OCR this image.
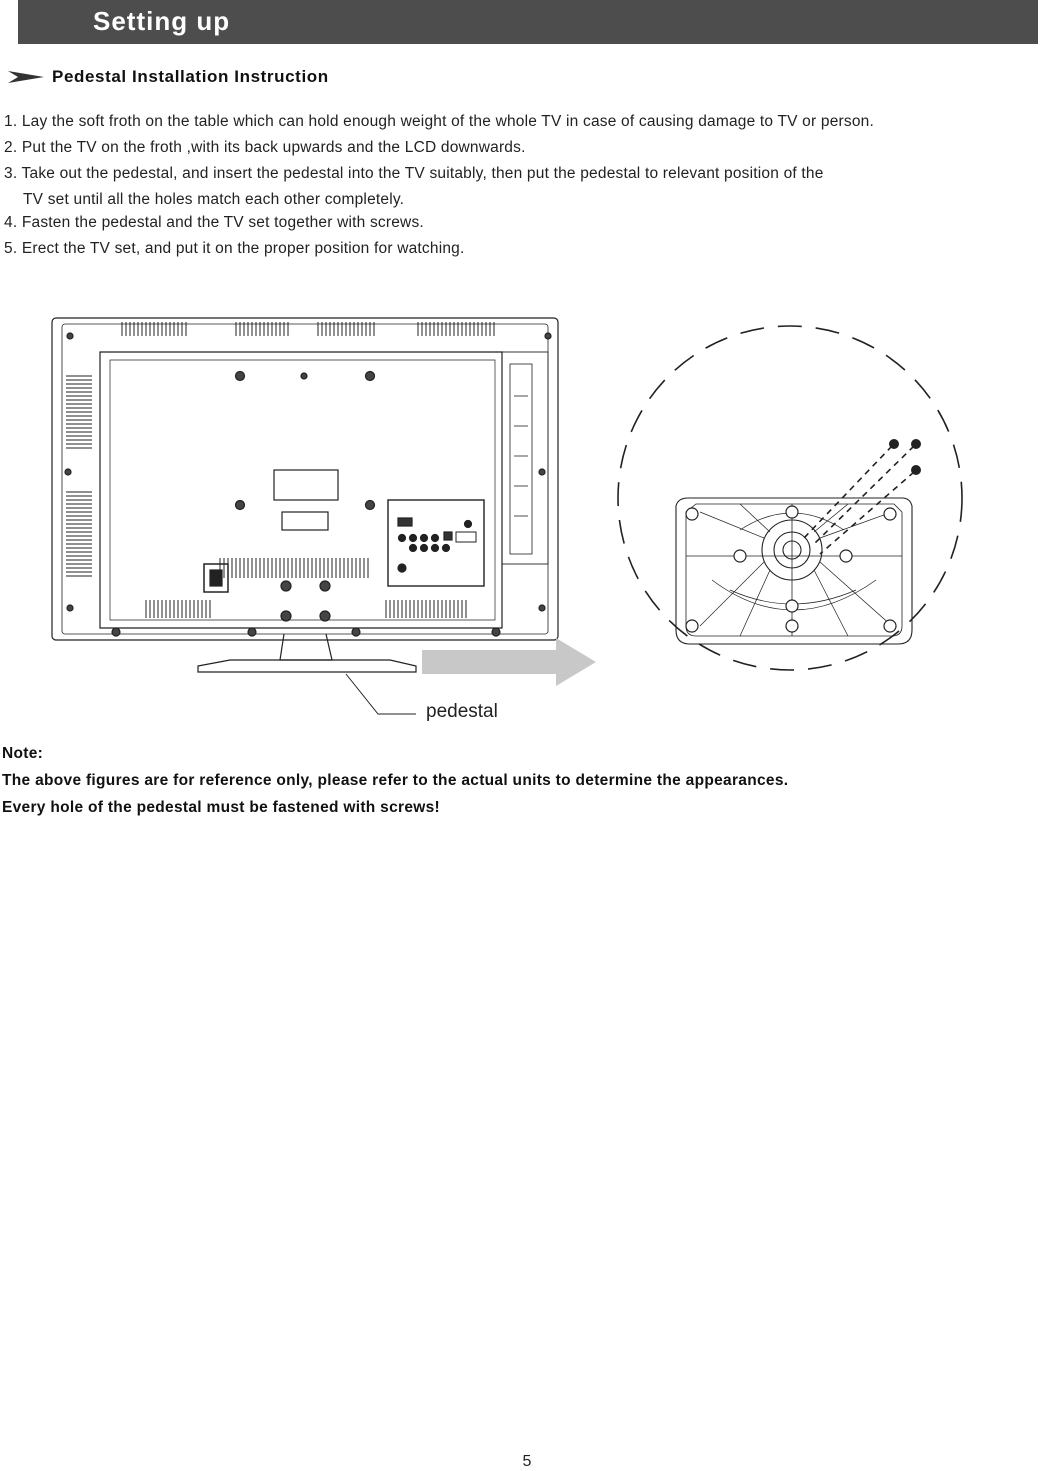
Setting up
Pedestal Installation Instruction
1. Lay the soft froth on the table which can hold enough weight of the whole TV in case of causing damage to TV or person.
2. Put the TV on the froth ,with its back upwards and the LCD downwards.
3. Take out the pedestal, and insert the pedestal into the TV suitably, then put the pedestal to relevant position of the
TV set until all the holes match each other completely.
4. Fasten the pedestal and the TV set together with screws.
5. Erect the TV set, and put it on the proper position for watching.
pedestal
Note:
The above figures are for reference only, please refer to the actual units to determine the appearances.
Every hole of the pedestal must be fastened with screws!
5
